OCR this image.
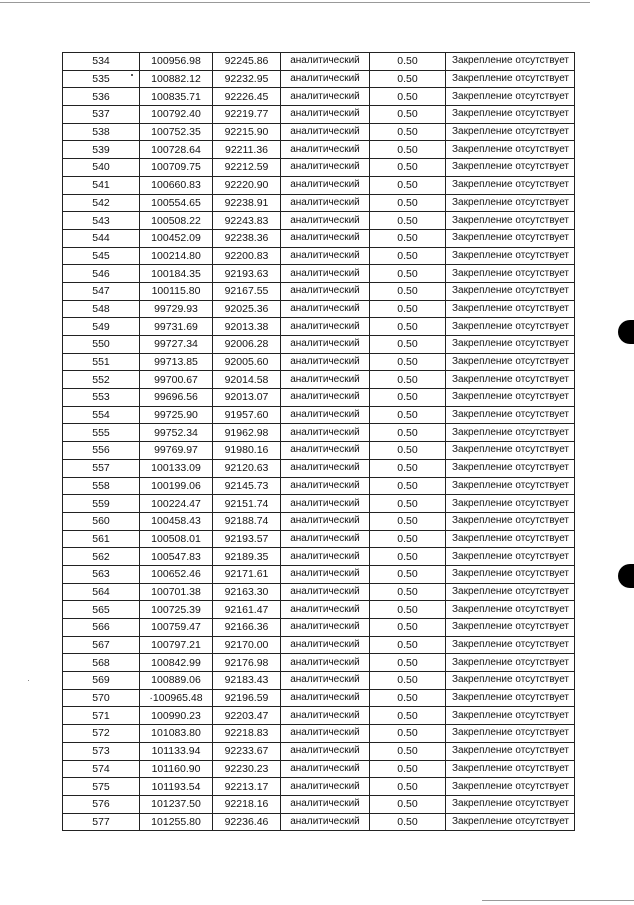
534	100956.98	92245.86	аналитический	0.50	Закрепление отсутствует
535	100882.12	92232.95	аналитический	0.50	Закрепление отсутствует
536	100835.71	92226.45	аналитический	0.50	Закрепление отсутствует
537	100792.40	92219.77	аналитический	0.50	Закрепление отсутствует
538	100752.35	92215.90	аналитический	0.50	Закрепление отсутствует
539	100728.64	92211.36	аналитический	0.50	Закрепление отсутствует
540	100709.75	92212.59	аналитический	0.50	Закрепление отсутствует
541	100660.83	92220.90	аналитический	0.50	Закрепление отсутствует
542	100554.65	92238.91	аналитический	0.50	Закрепление отсутствует
543	100508.22	92243.83	аналитический	0.50	Закрепление отсутствует
544	100452.09	92238.36	аналитический	0.50	Закрепление отсутствует
545	100214.80	92200.83	аналитический	0.50	Закрепление отсутствует
546	100184.35	92193.63	аналитический	0.50	Закрепление отсутствует
547	100115.80	92167.55	аналитический	0.50	Закрепление отсутствует
548	99729.93	92025.36	аналитический	0.50	Закрепление отсутствует
549	99731.69	92013.38	аналитический	0.50	Закрепление отсутствует
550	99727.34	92006.28	аналитический	0.50	Закрепление отсутствует
551	99713.85	92005.60	аналитический	0.50	Закрепление отсутствует
552	99700.67	92014.58	аналитический	0.50	Закрепление отсутствует
553	99696.56	92013.07	аналитический	0.50	Закрепление отсутствует
554	99725.90	91957.60	аналитический	0.50	Закрепление отсутствует
555	99752.34	91962.98	аналитический	0.50	Закрепление отсутствует
556	99769.97	91980.16	аналитический	0.50	Закрепление отсутствует
557	100133.09	92120.63	аналитический	0.50	Закрепление отсутствует
558	100199.06	92145.73	аналитический	0.50	Закрепление отсутствует
559	100224.47	92151.74	аналитический	0.50	Закрепление отсутствует
560	100458.43	92188.74	аналитический	0.50	Закрепление отсутствует
561	100508.01	92193.57	аналитический	0.50	Закрепление отсутствует
562	100547.83	92189.35	аналитический	0.50	Закрепление отсутствует
563	100652.46	92171.61	аналитический	0.50	Закрепление отсутствует
564	100701.38	92163.30	аналитический	0.50	Закрепление отсутствует
565	100725.39	92161.47	аналитический	0.50	Закрепление отсутствует
566	100759.47	92166.36	аналитический	0.50	Закрепление отсутствует
567	100797.21	92170.00	аналитический	0.50	Закрепление отсутствует
568	100842.99	92176.98	аналитический	0.50	Закрепление отсутствует
569	100889.06	92183.43	аналитический	0.50	Закрепление отсутствует
570	·100965.48	92196.59	аналитический	0.50	Закрепление отсутствует
571	100990.23	92203.47	аналитический	0.50	Закрепление отсутствует
572	101083.80	92218.83	аналитический	0.50	Закрепление отсутствует
573	101133.94	92233.67	аналитический	0.50	Закрепление отсутствует
574	101160.90	92230.23	аналитический	0.50	Закрепление отсутствует
575	101193.54	92213.17	аналитический	0.50	Закрепление отсутствует
576	101237.50	92218.16	аналитический	0.50	Закрепление отсутствует
577	101255.80	92236.46	аналитический	0.50	Закрепление отсутствует
